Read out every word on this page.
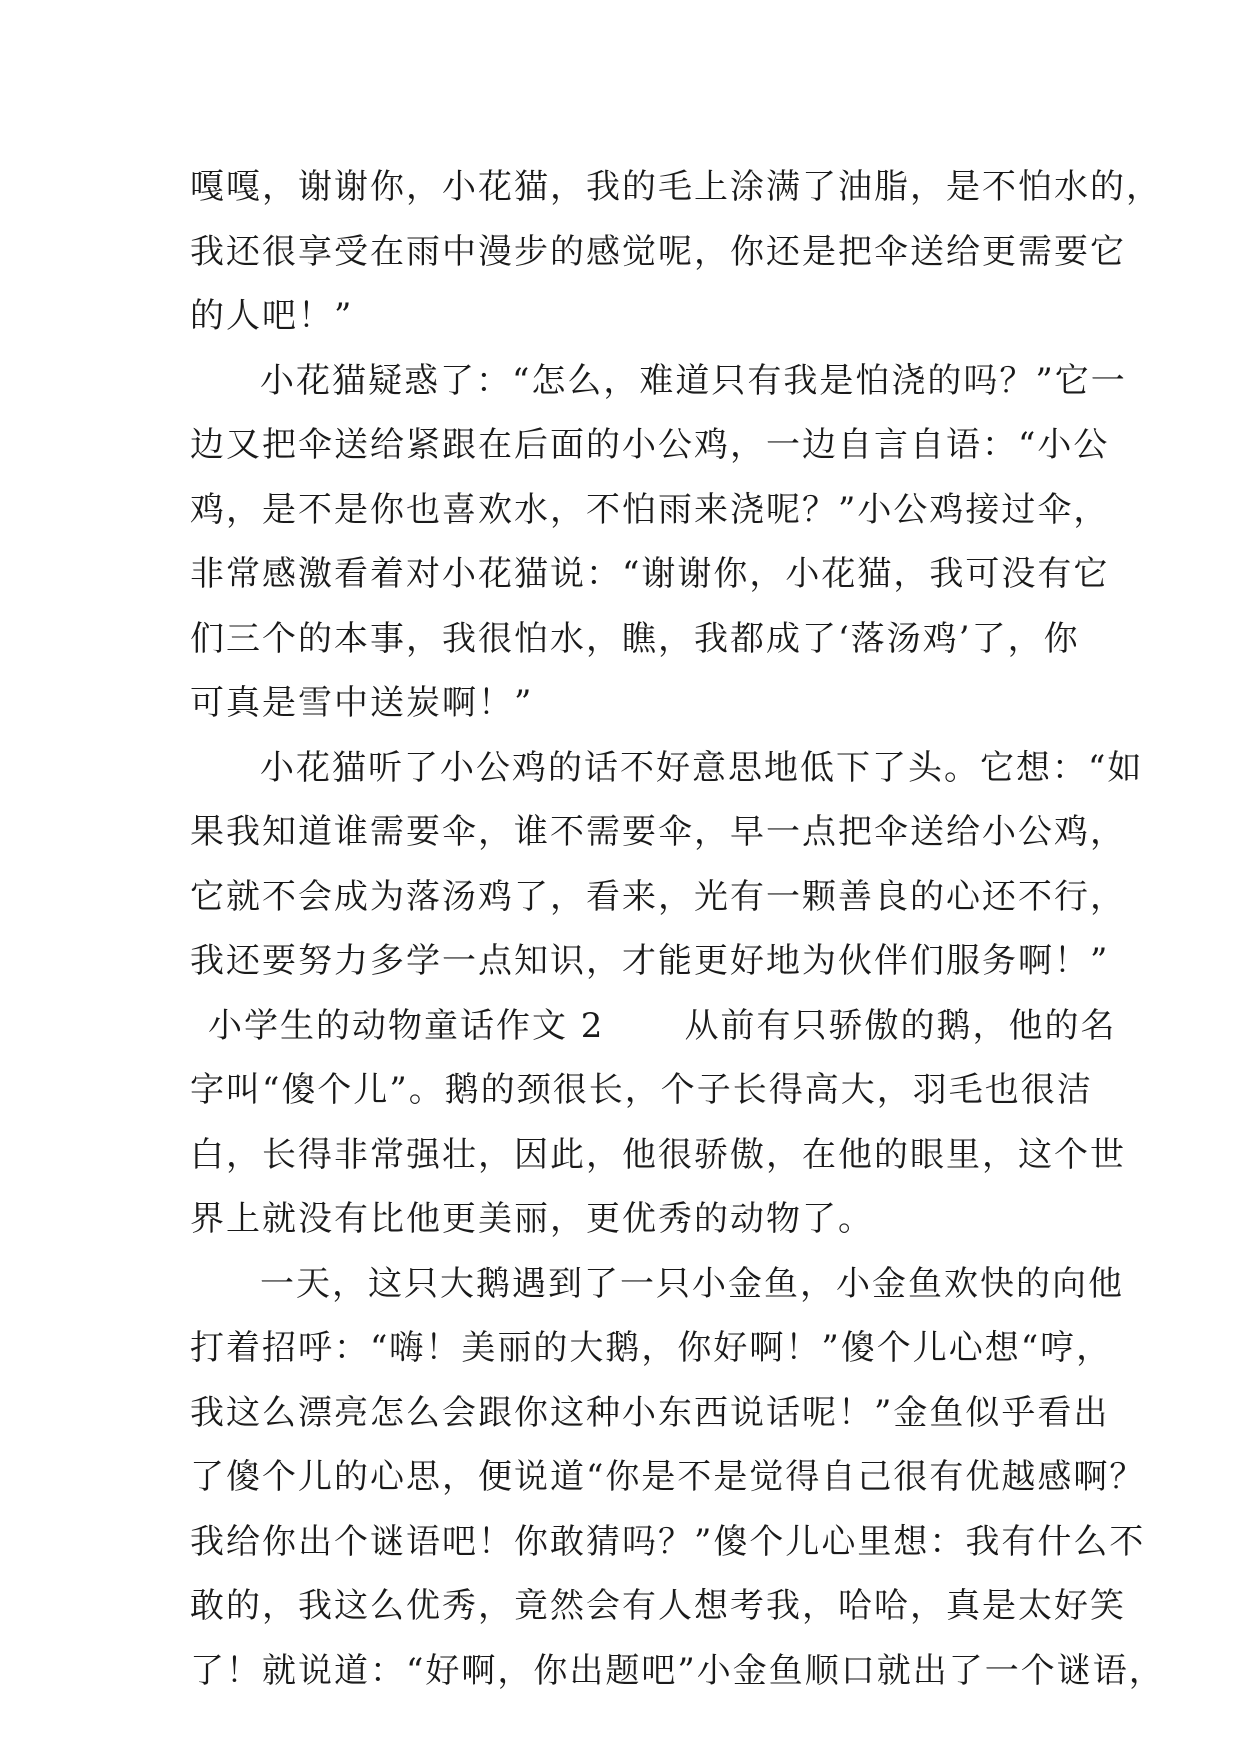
嘎嘎，谢谢你，小花猫，我的毛上涂满了油脂，是不怕水的，
我还很享受在雨中漫步的感觉呢，你还是把伞送给更需要它
的人吧！”
小花猫疑惑了：“怎么，难道只有我是怕浇的吗？”它一
边又把伞送给紧跟在后面的小公鸡，一边自言自语：“小公
鸡，是不是你也喜欢水，不怕雨来浇呢？”小公鸡接过伞，
非常感激看着对小花猫说：“谢谢你，小花猫，我可没有它
们三个的本事，我很怕水，瞧，我都成了‘落汤鸡’了，你
可真是雪中送炭啊！”
小花猫听了小公鸡的话不好意思地低下了头。它想：“如
果我知道谁需要伞，谁不需要伞，早一点把伞送给小公鸡，
它就不会成为落汤鸡了，看来，光有一颗善良的心还不行，
我还要努力多学一点知识，才能更好地为伙伴们服务啊！”
小学生的动物童话作文 2 从前有只骄傲的鹅，他的名
字叫“傻个儿”。鹅的颈很长，个子长得高大，羽毛也很洁
白，长得非常强壮，因此，他很骄傲，在他的眼里，这个世
界上就没有比他更美丽，更优秀的动物了。
一天，这只大鹅遇到了一只小金鱼，小金鱼欢快的向他
打着招呼：“嗨！美丽的大鹅，你好啊！”傻个儿心想“哼，
我这么漂亮怎么会跟你这种小东西说话呢！”金鱼似乎看出
了傻个儿的心思，便说道“你是不是觉得自己很有优越感啊？
我给你出个谜语吧！你敢猜吗？”傻个儿心里想：我有什么不
敢的，我这么优秀，竟然会有人想考我，哈哈，真是太好笑
了！就说道：“好啊，你出题吧”小金鱼顺口就出了一个谜语，
